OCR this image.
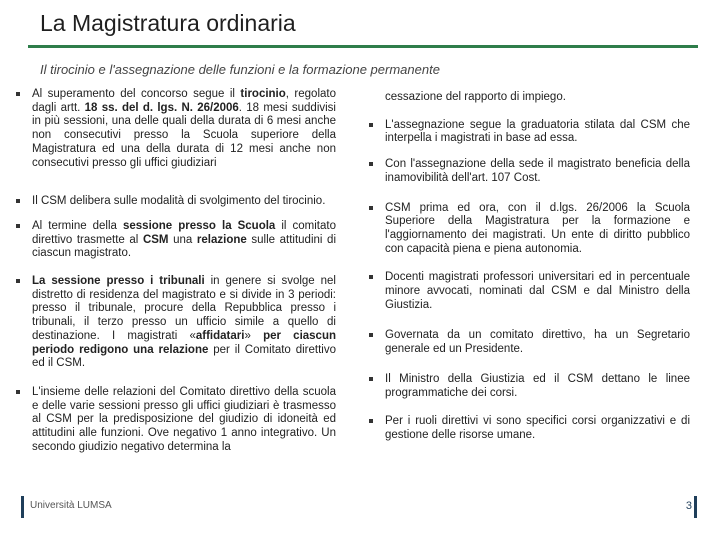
La Magistratura ordinaria
Il tirocinio e l'assegnazione delle funzioni e la formazione permanente
Al superamento del concorso segue il tirocinio, regolato dagli artt. 18 ss. del d. lgs. N. 26/2006. 18 mesi suddivisi in più sessioni, una delle quali della durata di 6 mesi anche non consecutivi presso la Scuola superiore della Magistratura ed una della durata di 12 mesi anche non consecutivi presso gli uffici giudiziari
Il CSM delibera sulle modalità di svolgimento del tirocinio.
Al termine della sessione presso la Scuola il comitato direttivo trasmette al CSM una relazione sulle attitudini di ciascun magistrato.
La sessione presso i tribunali in genere si svolge nel distretto di residenza del magistrato e si divide in 3 periodi: presso il tribunale, procure della Repubblica presso i tribunali, il terzo presso un ufficio simile a quello di destinazione. I magistrati «affidatari» per ciascun periodo redigono una relazione per il Comitato direttivo ed il CSM.
L'insieme delle relazioni del Comitato direttivo della scuola e delle varie sessioni presso gli uffici giudiziari è trasmesso al CSM per la predisposizione del giudizio di idoneità ed attitudini alle funzioni. Ove negativo 1 anno integrativo. Un secondo giudizio negativo determina la
cessazione del rapporto di impiego.
L'assegnazione segue la graduatoria stilata dal CSM che interpella i magistrati in base ad essa.
Con l'assegnazione della sede il magistrato beneficia della inamovibilità dell'art. 107 Cost.
CSM prima ed ora, con il d.lgs. 26/2006 la Scuola Superiore della Magistratura per la formazione e l'aggiornamento dei magistrati. Un ente di diritto pubblico con capacità piena e piena autonomia.
Docenti magistrati professori universitari ed in percentuale minore avvocati, nominati dal CSM e dal Ministro della Giustizia.
Governata da un comitato direttivo, ha un Segretario generale ed un Presidente.
Il Ministro della Giustizia ed il CSM dettano le linee programmatiche dei corsi.
Per i ruoli direttivi vi sono specifici corsi organizzativi e di gestione delle risorse umane.
Università LUMSA	3
